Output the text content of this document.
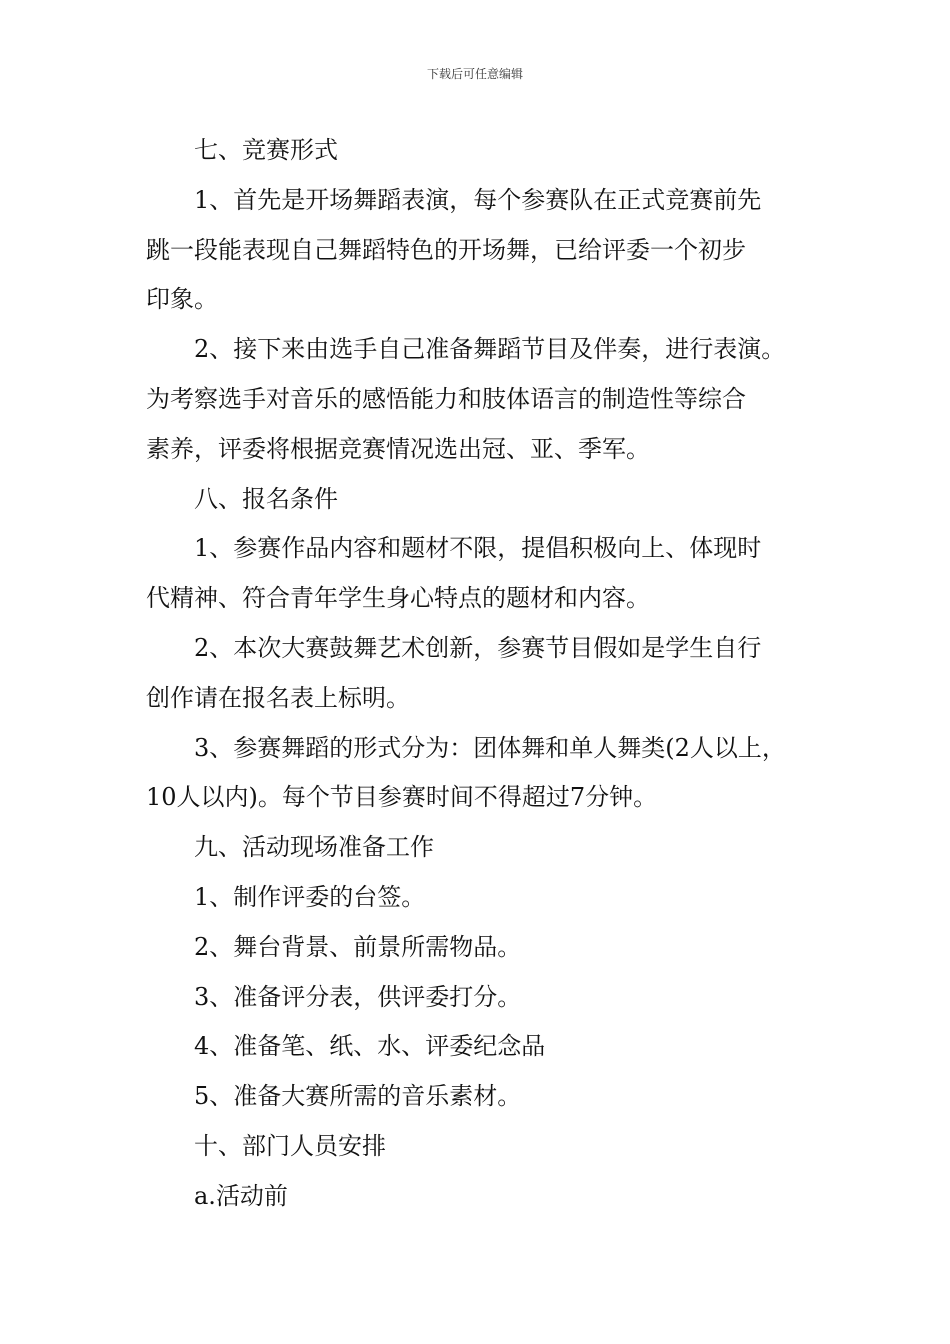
下载后可任意编辑

七、竞赛形式

1、首先是开场舞蹈表演，每个参赛队在正式竞赛前先
跳一段能表现自己舞蹈特色的开场舞，已给评委一个初步
印象。

2、接下来由选手自己准备舞蹈节目及伴奏，进行表演。
为考察选手对音乐的感悟能力和肢体语言的制造性等综合
素养，评委将根据竞赛情况选出冠、亚、季军。

八、报名条件

1、参赛作品内容和题材不限，提倡积极向上、体现时
代精神、符合青年学生身心特点的题材和内容。

2、本次大赛鼓舞艺术创新，参赛节目假如是学生自行
创作请在报名表上标明。

3、参赛舞蹈的形式分为：团体舞和单人舞类(2人以上，
10人以内)。每个节目参赛时间不得超过7分钟。

九、活动现场准备工作

1、制作评委的台签。

2、舞台背景、前景所需物品。

3、准备评分表，供评委打分。

4、准备笔、纸、水、评委纪念品

5、准备大赛所需的音乐素材。

十、部门人员安排

a.活动前
